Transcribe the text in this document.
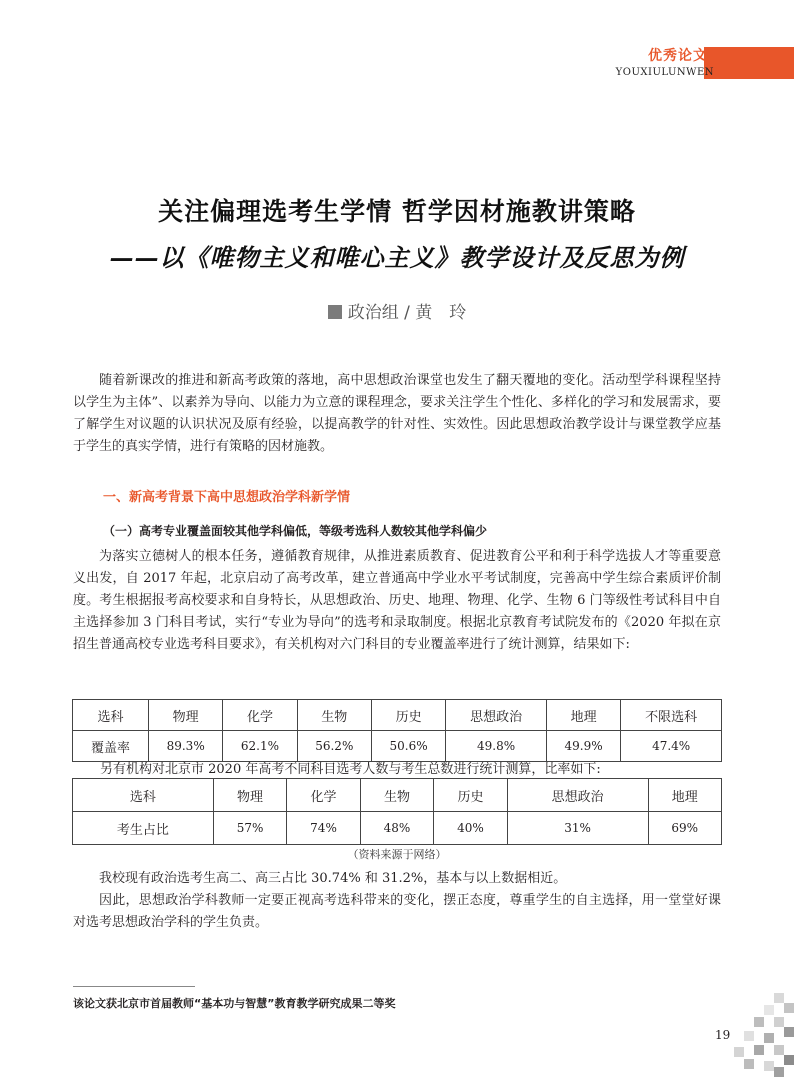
优秀论文
YOUXIULUNWEN
关注偏理选考生学情 哲学因材施教讲策略
——以《唯物主义和唯心主义》教学设计及反思为例
政治组 / 黄　玲

随着新课改的推进和新高考政策的落地，高中思想政治课堂也发生了翻天覆地的变化。活动型学科课程坚持以学生为主体”、以素养为导向、以能力为立意的课程理念，要求关注学生个性化、多样化的学习和发展需求，要了解学生对议题的认识状况及原有经验，以提高教学的针对性、实效性。因此思想政治教学设计与课堂教学应基于学生的真实学情，进行有策略的因材施教。

一、新高考背景下高中思想政治学科新学情
（一）高考专业覆盖面较其他学科偏低，等级考选科人数较其他学科偏少

为落实立德树人的根本任务，遵循教育规律，从推进素质教育、促进教育公平和利于科学选拔人才等重要意义出发，自 2017 年起，北京启动了高考改革，建立普通高中学业水平考试制度，完善高中学生综合素质评价制度。考生根据报考高校要求和自身特长，从思想政治、历史、地理、物理、化学、生物 6 门等级性考试科目中自主选择参加 3 门科目考试，实行“专业为导向”的选考和录取制度。根据北京教育考试院发布的《2020 年拟在京招生普通高校专业选考科目要求》，有关机构对六门科目的专业覆盖率进行了统计测算，结果如下:

选科	物理	化学	生物	历史	思想政治	地理	不限选科
覆盖率	89.3%	62.1%	56.2%	50.6%	49.8%	49.9%	47.4%
另有机构对北京市 2020 年高考不同科目选考人数与考生总数进行统计测算，比率如下:
选科	物理	化学	生物	历史	思想政治	地理
考生占比	57%	74%	48%	40%	31%	69%
（资料来源于网络）

我校现有政治选考生高二、高三占比 30.74% 和 31.2%，基本与以上数据相近。

因此，思想政治学科教师一定要正视高考选科带来的变化，摆正态度，尊重学生的自主选择，用一堂堂好课对选考思想政治学科的学生负责。

该论文获北京市首届教师“基本功与智慧”教育教学研究成果二等奖
19
